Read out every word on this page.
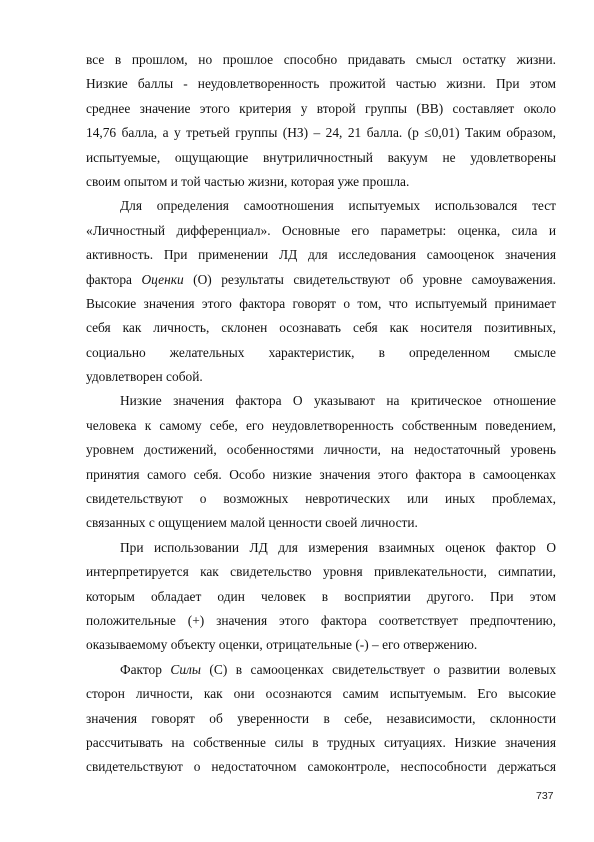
все в прошлом, но прошлое способно придавать смысл остатку жизни.
Низкие баллы - неудовлетворенность прожитой частью жизни. При этом
среднее значение этого критерия у второй группы (ВВ) составляет около
14,76 балла, а у третьей группы (НЗ) – 24, 21 балла. (р ≤0,01) Таким образом,
испытуемые, ощущающие внутриличностный вакуум не удовлетворены
своим опытом и той частью жизни, которая уже прошла.
Для определения самоотношения испытуемых использовался тест
«Личностный дифференциал». Основные его параметры: оценка, сила и
активность. При применении ЛД для исследования самооценок значения
фактора Оценки (О) результаты свидетельствуют об уровне самоуважения.
Высокие значения этого фактора говорят о том, что испытуемый принимает
себя как личность, склонен осознавать себя как носителя позитивных,
социально желательных характеристик, в определенном смысле
удовлетворен собой.
Низкие значения фактора О указывают на критическое отношение
человека к самому себе, его неудовлетворенность собственным поведением,
уровнем достижений, особенностями личности, на недостаточный уровень
принятия самого себя. Особо низкие значения этого фактора в самооценках
свидетельствуют о возможных невротических или иных проблемах,
связанных с ощущением малой ценности своей личности.
При использовании ЛД для измерения взаимных оценок фактор О
интерпретируется как свидетельство уровня привлекательности, симпатии,
которым обладает один человек в восприятии другого. При этом
положительные (+) значения этого фактора соответствует предпочтению,
оказываемому объекту оценки, отрицательные (-) – его отвержению.
Фактор Силы (С) в самооценках свидетельствует о развитии волевых
сторон личности, как они осознаются самим испытуемым. Его высокие
значения говорят об уверенности в себе, независимости, склонности
рассчитывать на собственные силы в трудных ситуациях. Низкие значения
свидетельствуют о недостаточном самоконтроле, неспособности держаться
737
